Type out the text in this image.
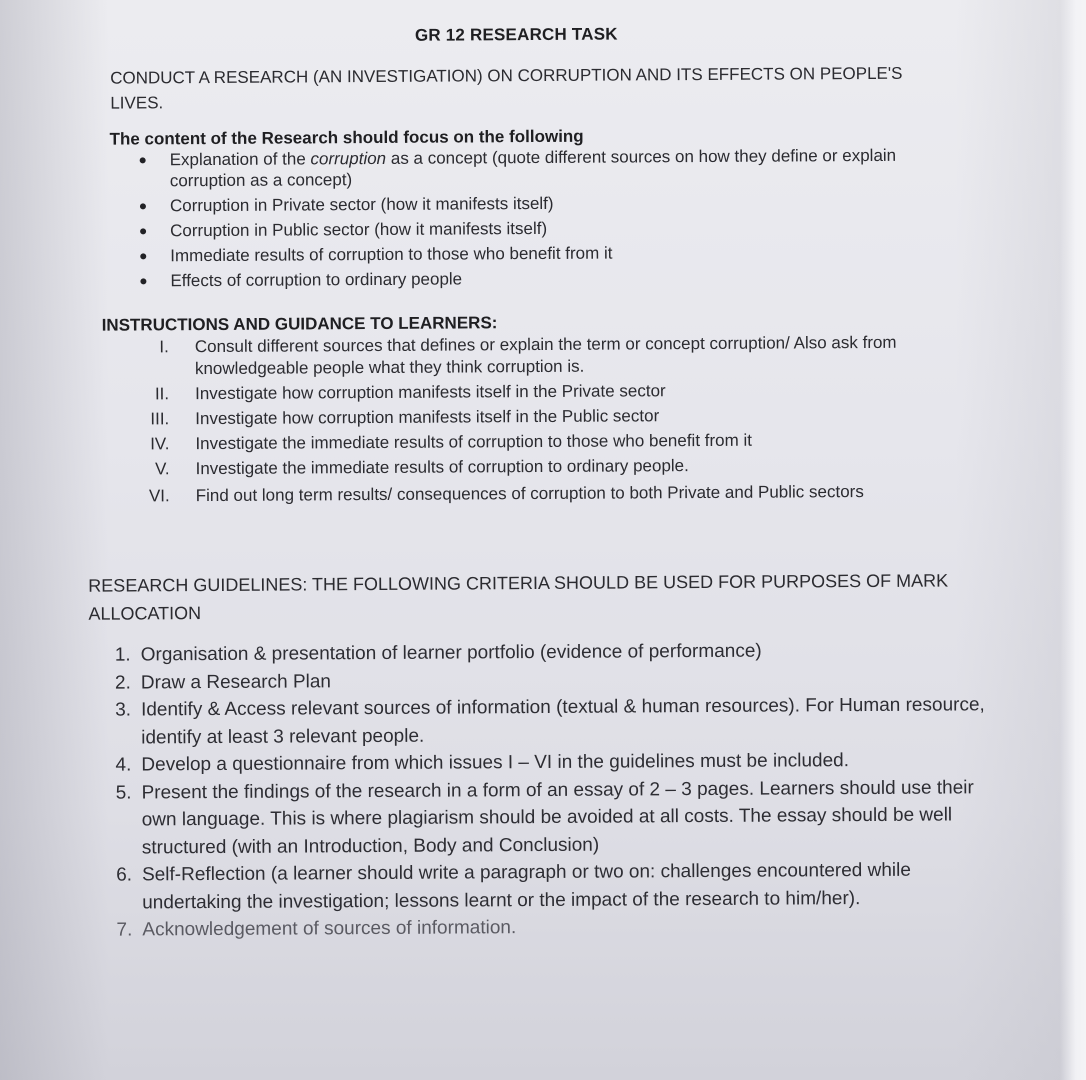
GR 12 RESEARCH TASK

CONDUCT A RESEARCH (AN INVESTIGATION) ON CORRUPTION AND ITS EFFECTS ON PEOPLE'S LIVES.

The content of the Research should focus on the following
Explanation of the corruption as a concept (quote different sources on how they define or explain corruption as a concept)
Corruption in Private sector (how it manifests itself)
Corruption in Public sector (how it manifests itself)
Immediate results of corruption to those who benefit from it
Effects of corruption to ordinary people
INSTRUCTIONS AND GUIDANCE TO LEARNERS:
I. Consult different sources that defines or explain the term or concept corruption/ Also ask from knowledgeable people what they think corruption is.
II. Investigate how corruption manifests itself in the Private sector
III. Investigate how corruption manifests itself in the Public sector
IV. Investigate the immediate results of corruption to those who benefit from it
V. Investigate the immediate results of corruption to ordinary people.
VI. Find out long term results/ consequences of corruption to both Private and Public sectors

RESEARCH GUIDELINES: THE FOLLOWING CRITERIA SHOULD BE USED FOR PURPOSES OF MARK ALLOCATION

1. Organisation & presentation of learner portfolio (evidence of performance)
2. Draw a Research Plan
3. Identify & Access relevant sources of information (textual & human resources). For Human resource, identify at least 3 relevant people.
4. Develop a questionnaire from which issues I – VI in the guidelines must be included.
5. Present the findings of the research in a form of an essay of 2 – 3 pages. Learners should use their own language. This is where plagiarism should be avoided at all costs. The essay should be well structured (with an Introduction, Body and Conclusion)
6. Self-Reflection (a learner should write a paragraph or two on: challenges encountered while undertaking the investigation; lessons learnt or the impact of the research to him/her).
7. Acknowledgement of sources of information.
